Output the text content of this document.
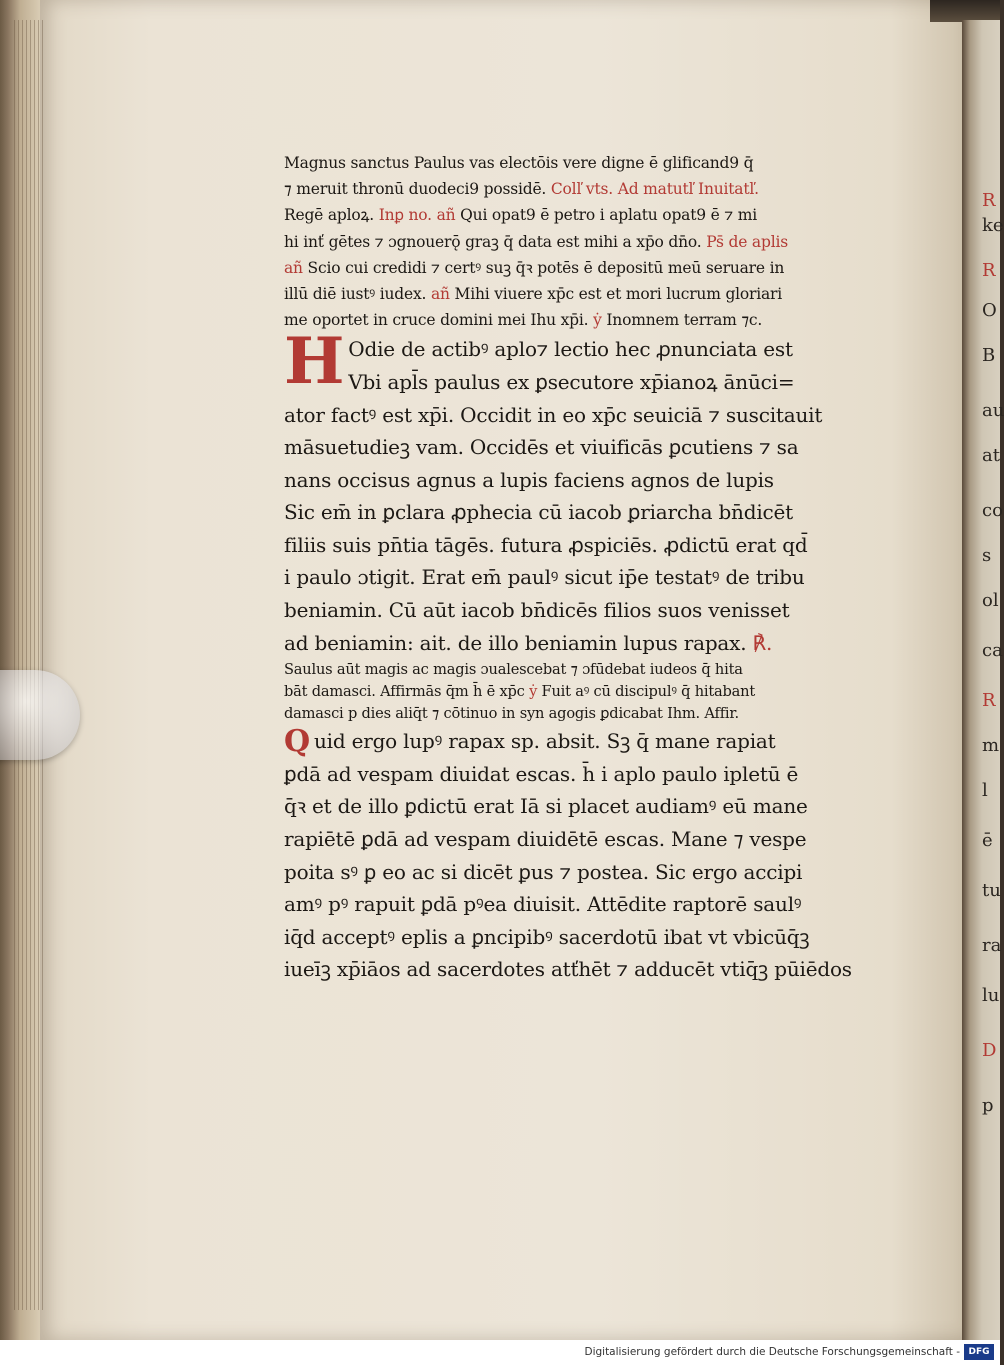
R
ke
R
O
B
au
at
co
s
ol
ca
R
m
l
ē
tu
ra
lu
D
p
Magnus sanctus Paulus vas electōis vere digne ē glificand9 q̄
⁊ meruit thronū duodeci9 possidē. Colľ vts. Ad matutľ Inuitatľ.
Regē aploꝝ. Inꝑ no. añ Qui opat9 ē petro i aplatu opat9 ē ⁊ mi
hi inť gētes ⁊ ɔgnouerǭ graꝫ q̄ data est mihi a xp̄o dn̄o. Ps̄ de aplis
añ Scio cui credidi ⁊ certꝰ suꝫ q̄ꝛ potēs ē depositū meū seruare in
illū diē iustꝰ iudex. añ Mihi viuere xp̄c est et mori lucrum gloriari
me oportet in cruce domini mei Ihu xp̄i. ẏ Inomnem terram ⁊c.
H Odie de actibꝰ aplo⁊ lectio hec ꝓnunciata est
Vbi apl̄s paulus ex ꝑsecutore xp̄ianoꝝ ānūci=
ator factꝰ est xp̄i. Occidit in eo xp̄c seuiciā ⁊ suscitauit
māsuetudieꝫ vam. Occidēs et viuificās ꝑcutiens ⁊ sa
nans occisus agnus a lupis faciens agnos de lupis
Sic em̄ in ꝑclara ꝓphecia cū iacob ꝑriarcha bn̄dicēt
filiis suis pn̄tia tāgēs. futura ꝓspiciēs. ꝓdictū erat qd̄
i paulo ɔtigit. Erat em̄ paulꝰ sicut ip̄e testatꝰ de tribu
beniamin. Cū aūt iacob bn̄dicēs filios suos venisset
ad beniamin: ait. de illo beniamin lupus rapax. ℟.
Saulus aūt magis ac magis ɔualescebat ⁊ ɔfūdebat iudeos q̄ hita
bāt damasci. Affirmās q̄m h̄ ē xp̄c ẏ Fuit aꝰ cū discipulꝰ q̄ hitabant
damasci p dies aliq̄t ⁊ cōtinuo in syn agogis ꝑdicabat Ihm. Affir.
Quid ergo lupꝰ rapax sp. absit. Sꝫ q̄ mane rapiat
ꝑdā ad vespam diuidat escas. h̄ i aplo paulo ipletū ē
q̄ꝛ et de illo ꝑdictū erat Iā si placet audiamꝰ eū mane
rapiētē ꝑdā ad vespam diuidētē escas. Mane ⁊ vespe
poita sꝰ ꝑ eo ac si dicēt ꝑus ⁊ postea. Sic ergo accipi
amꝰ pꝰ rapuit ꝑdā pꝰea diuisit. Attēdite raptorē saulꝰ
iq̄d acceptꝰ eplis a ꝑncipibꝰ sacerdotū ibat vt vbicūq̄ꝫ
iueīꝫ xp̄iāos ad sacerdotes atťhēt ⁊ adducēt vtiq̄ꝫ pūiēdos
Digitalisierung gefördert durch die Deutsche Forschungsgemeinschaft - DFG
